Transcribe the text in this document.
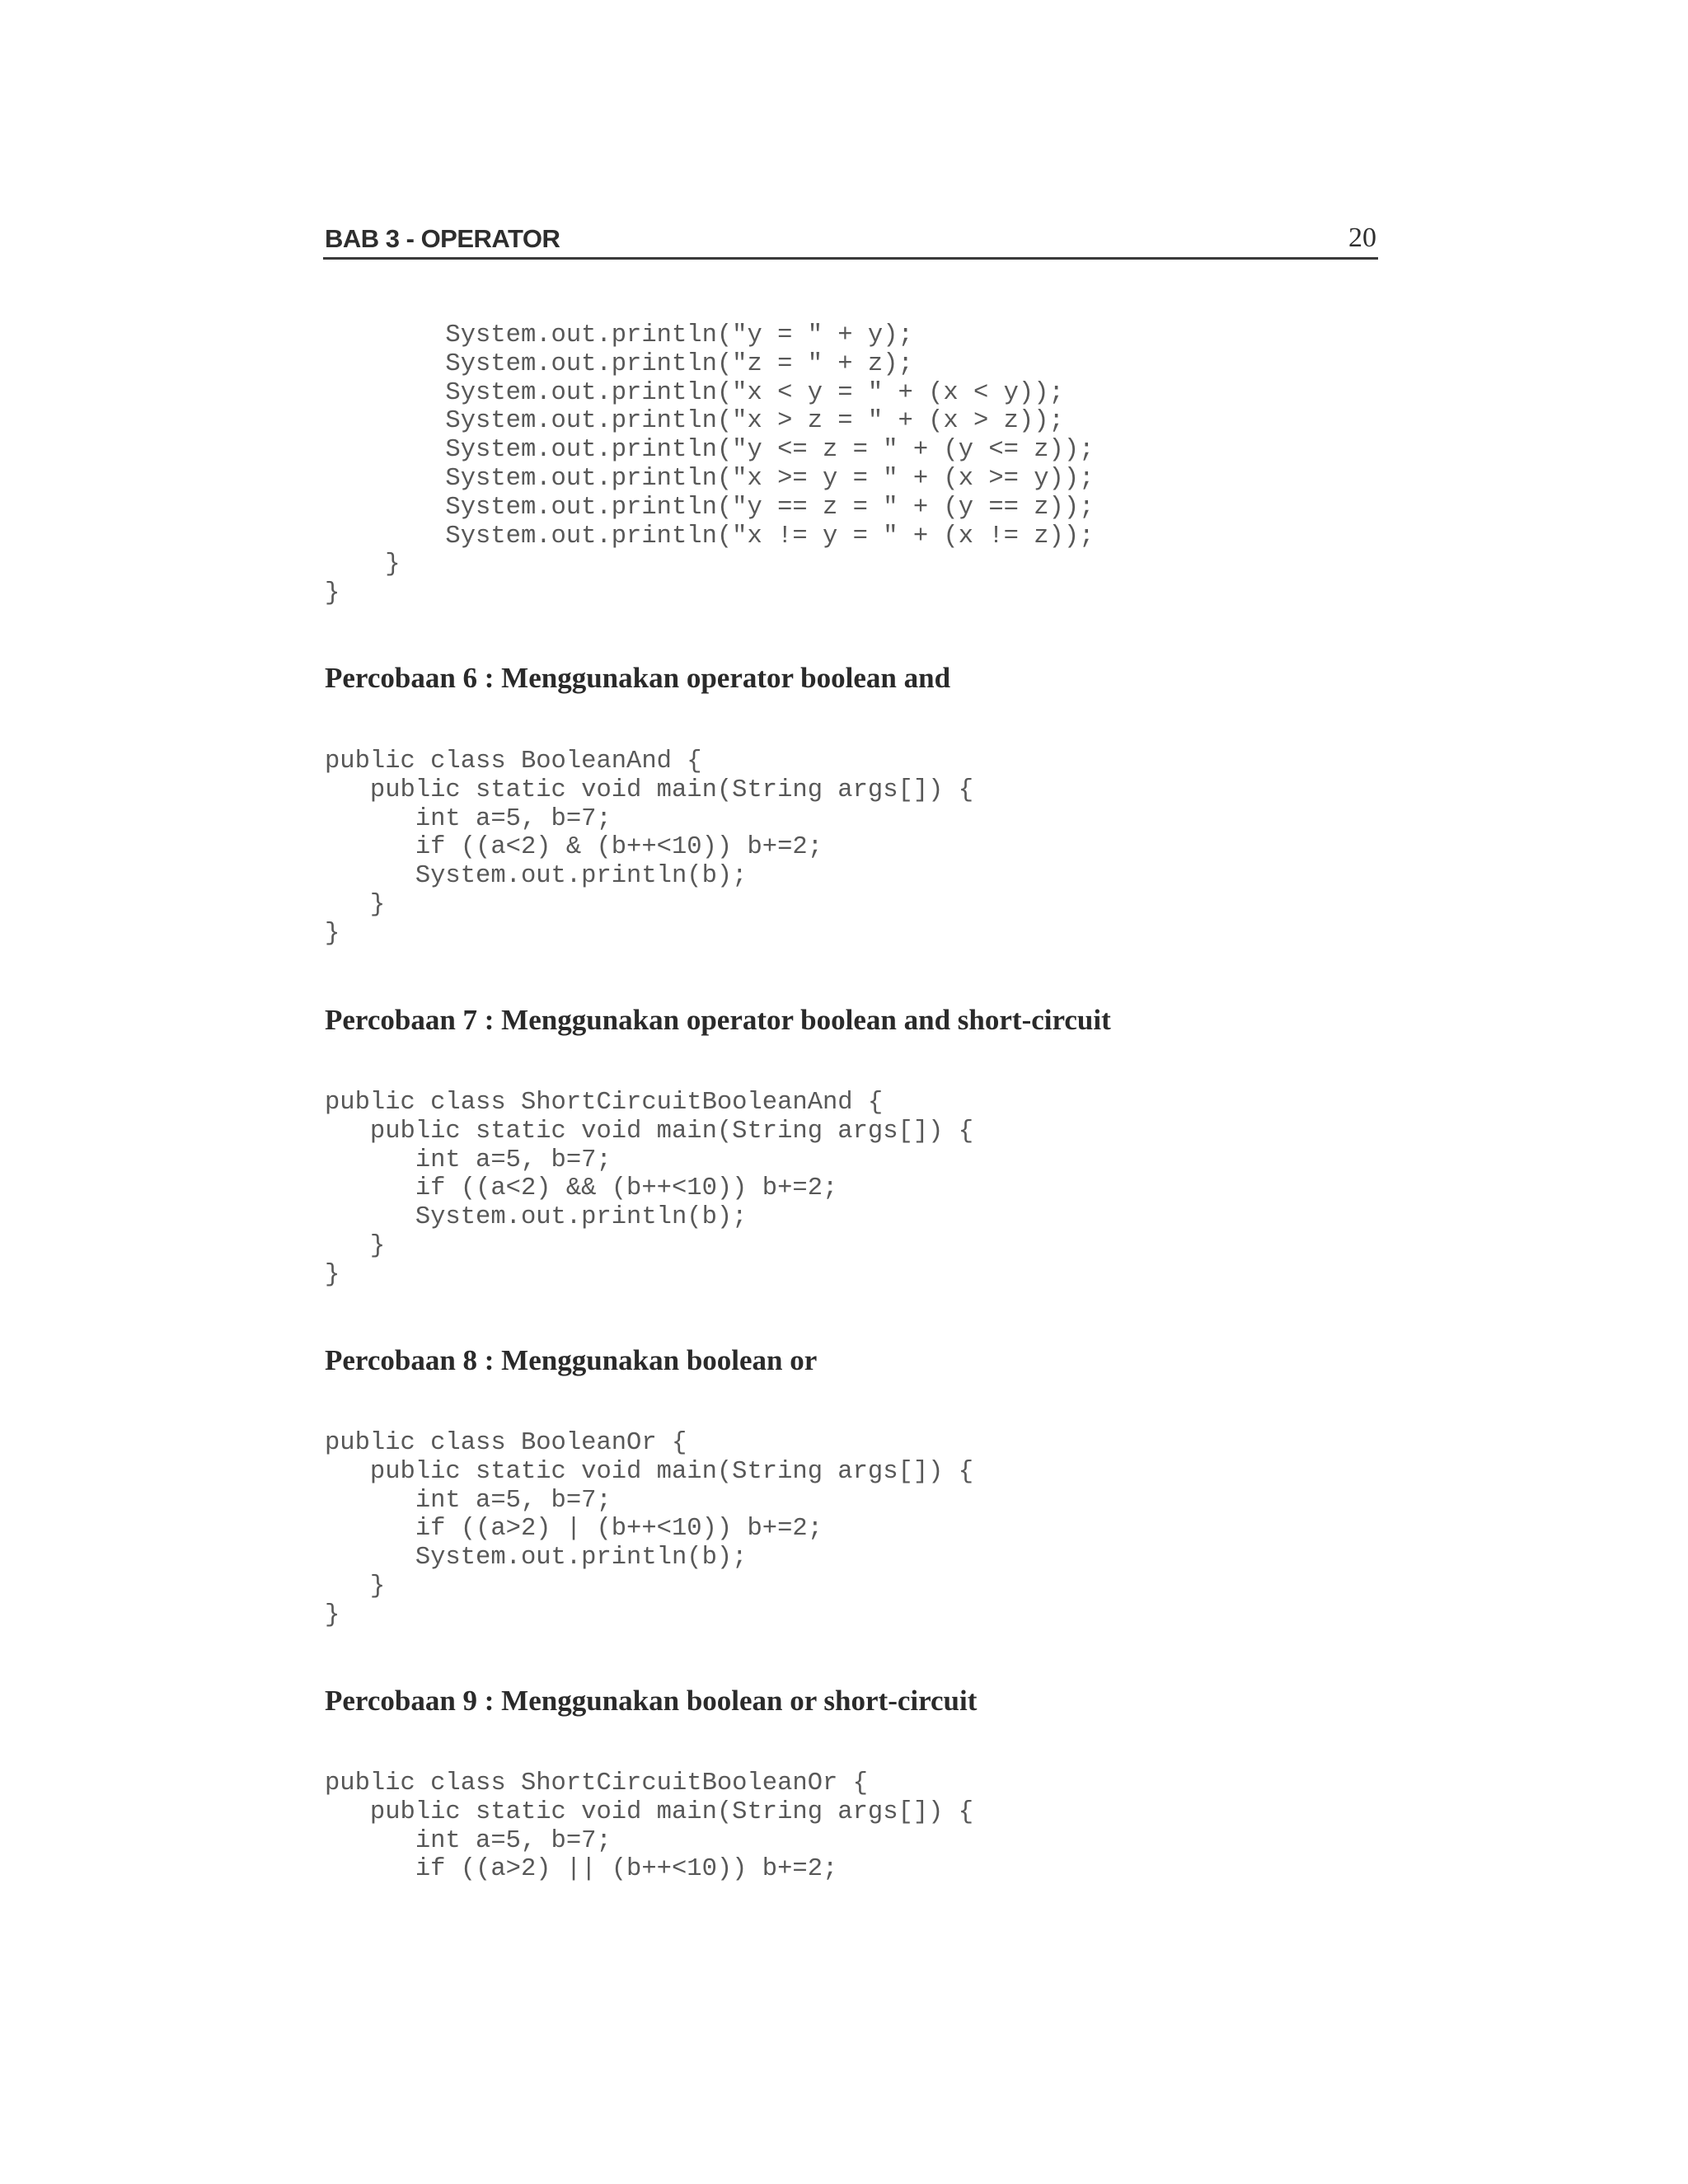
BAB 3 - OPERATOR	20
System.out.println("y = " + y);
System.out.println("z = " + z);
System.out.println("x < y = " + (x < y));
System.out.println("x > z = " + (x > z));
System.out.println("y <= z = " + (y <= z));
System.out.println("x >= y = " + (x >= y));
System.out.println("y == z = " + (y == z));
System.out.println("x != y = " + (x != z));
}
}
Percobaan 6 : Menggunakan operator boolean and
public class BooleanAnd {
public static void main(String args[]) {
int a=5, b=7;
if ((a<2) & (b++<10)) b+=2;
System.out.println(b);
}
}
Percobaan 7 : Menggunakan operator boolean and short-circuit
public class ShortCircuitBooleanAnd {
public static void main(String args[]) {
int a=5, b=7;
if ((a<2) && (b++<10)) b+=2;
System.out.println(b);
}
}
Percobaan 8 : Menggunakan boolean or
public class BooleanOr {
public static void main(String args[]) {
int a=5, b=7;
if ((a>2) | (b++<10)) b+=2;
System.out.println(b);
}
}
Percobaan 9 : Menggunakan boolean or short-circuit
public class ShortCircuitBooleanOr {
public static void main(String args[]) {
int a=5, b=7;
if ((a>2) || (b++<10)) b+=2;
